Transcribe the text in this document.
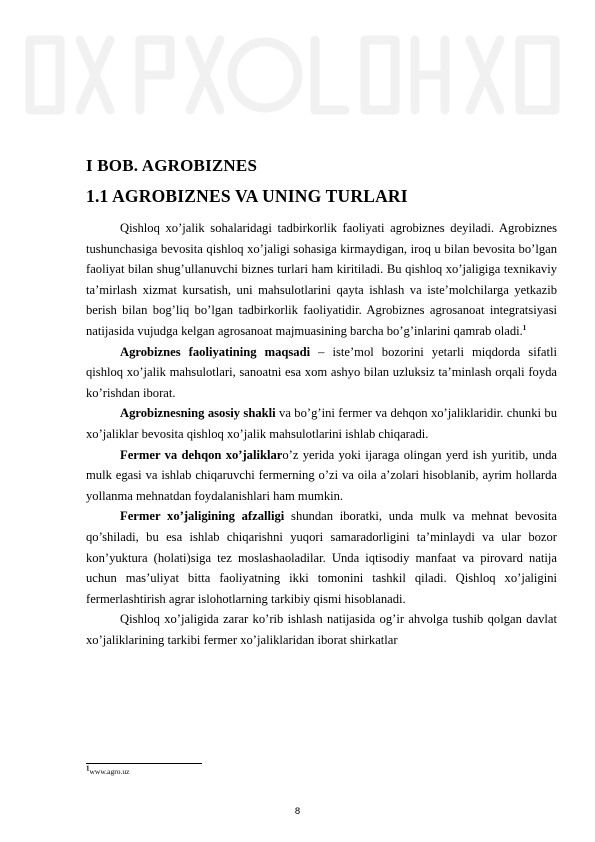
I BOB. AGROBIZNES
1.1 AGROBIZNES VA UNING TURLARI

Qishloq xo’jalik sohalaridagi tadbirkorlik faoliyati agrobiznes deyiladi. Agrobiznes tushunchasiga bevosita qishloq xo’jaligi sohasiga kirmaydigan, iroq u bilan bevosita bo’lgan faoliyat bilan shug’ullanuvchi biznes turlari ham kiritiladi. Bu qishloq xo’jaligiga texnikaviy ta’mirlash xizmat kursatish, uni mahsulotlarini qayta ishlash va iste’molchilarga yetkazib berish bilan bog’liq bo’lgan tadbirkorlik faoliyatidir. Agrobiznes agrosanoat integratsiyasi natijasida vujudga kelgan agrosanoat majmuasining barcha bo’g’inlarini qamrab oladi.$^1$

Agrobiznes faoliyatining maqsadi – iste’mol bozorini yetarli miqdorda sifatli qishloq xo’jalik mahsulotlari, sanoatni esa xom ashyo bilan uzluksiz ta’minlash orqali foyda ko’rishdan iborat.

Agrobiznesning asosiy shakli va bo’g’ini fermer va dehqon xo’jaliklaridir. chunki bu xo’jaliklar bevosita qishloq xo’jalik mahsulotlarini ishlab chiqaradi.

Fermer va dehqon xo’jaliklaro’z yerida yoki ijaraga olingan yerd ish yuritib, unda mulk egasi va ishlab chiqaruvchi fermerning o’zi va oila a’zolari hisoblanib, ayrim hollarda yollanma mehnatdan foydalanishlari ham mumkin.

Fermer xo’jaligining afzalligi shundan iboratki, unda mulk va mehnat bevosita qo’shiladi, bu esa ishlab chiqarishni yuqori samaradorligini ta’minlaydi va ular bozor kon’yuktura (holati)siga tez moslashaoladilar. Unda iqtisodiy manfaat va pirovard natija uchun mas’uliyat bitta faoliyatning ikki tomonini tashkil qiladi. Qishloq xo’jaligini fermerlashtirish agrar islohotlarning tarkibiy qismi hisoblanadi.

Qishloq xo’jaligida zarar ko’rib ishlash natijasida og’ir ahvolga tushib qolgan davlat xo’jaliklarining tarkibi fermer xo’jaliklaridan iborat shirkatlar

$^1$www.agro.uz
8
